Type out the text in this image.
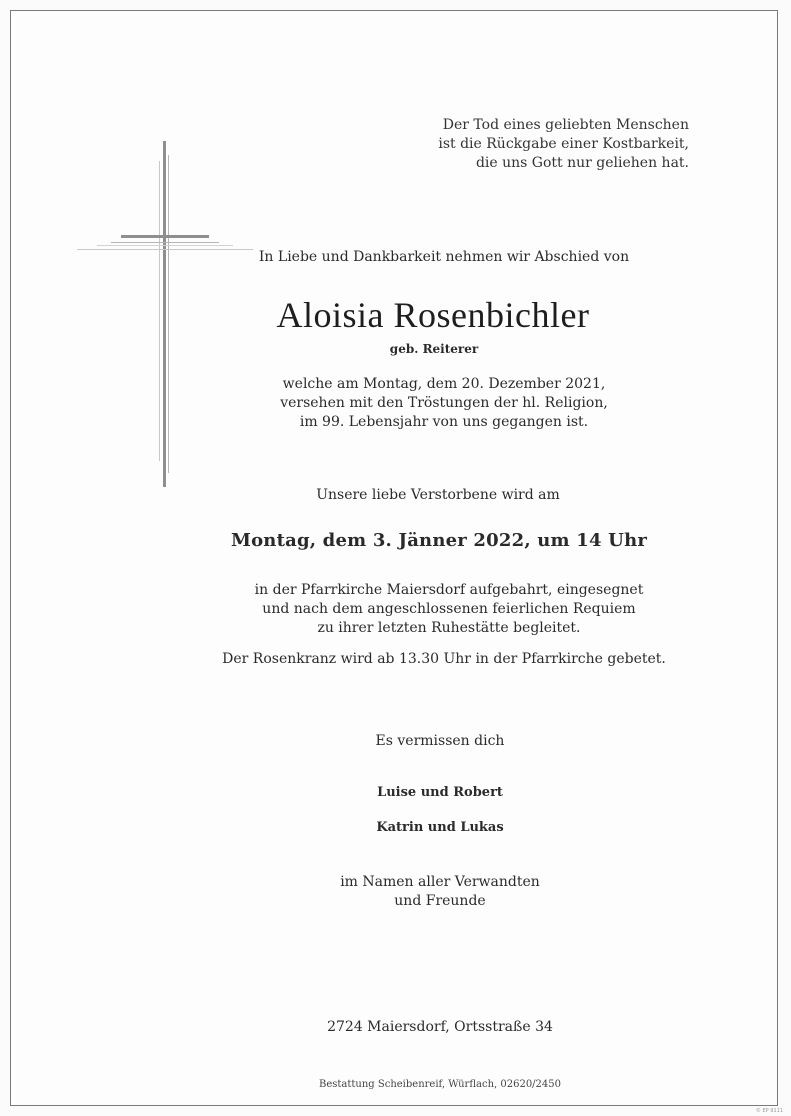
Der Tod eines geliebten Menschen
ist die Rückgabe einer Kostbarkeit,
die uns Gott nur geliehen hat.

In Liebe und Dankbarkeit nehmen wir Abschied von

Aloisia Rosenbichler

geb. Reiterer

welche am Montag, dem 20. Dezember 2021,
versehen mit den Tröstungen der hl. Religion,
im 99. Lebensjahr von uns gegangen ist.

Unsere liebe Verstorbene wird am

Montag, dem 3. Jänner 2022, um 14 Uhr

in der Pfarrkirche Maiersdorf aufgebahrt, eingesegnet
und nach dem angeschlossenen feierlichen Requiem
zu ihrer letzten Ruhestätte begleitet.

Der Rosenkranz wird ab 13.30 Uhr in der Pfarrkirche gebetet.

Es vermissen dich

Luise und Robert

Katrin und Lukas

im Namen aller Verwandten
und Freunde

2724 Maiersdorf, Ortsstraße 34

Bestattung Scheibenreif, Würflach, 02620/2450

© EP 9111
